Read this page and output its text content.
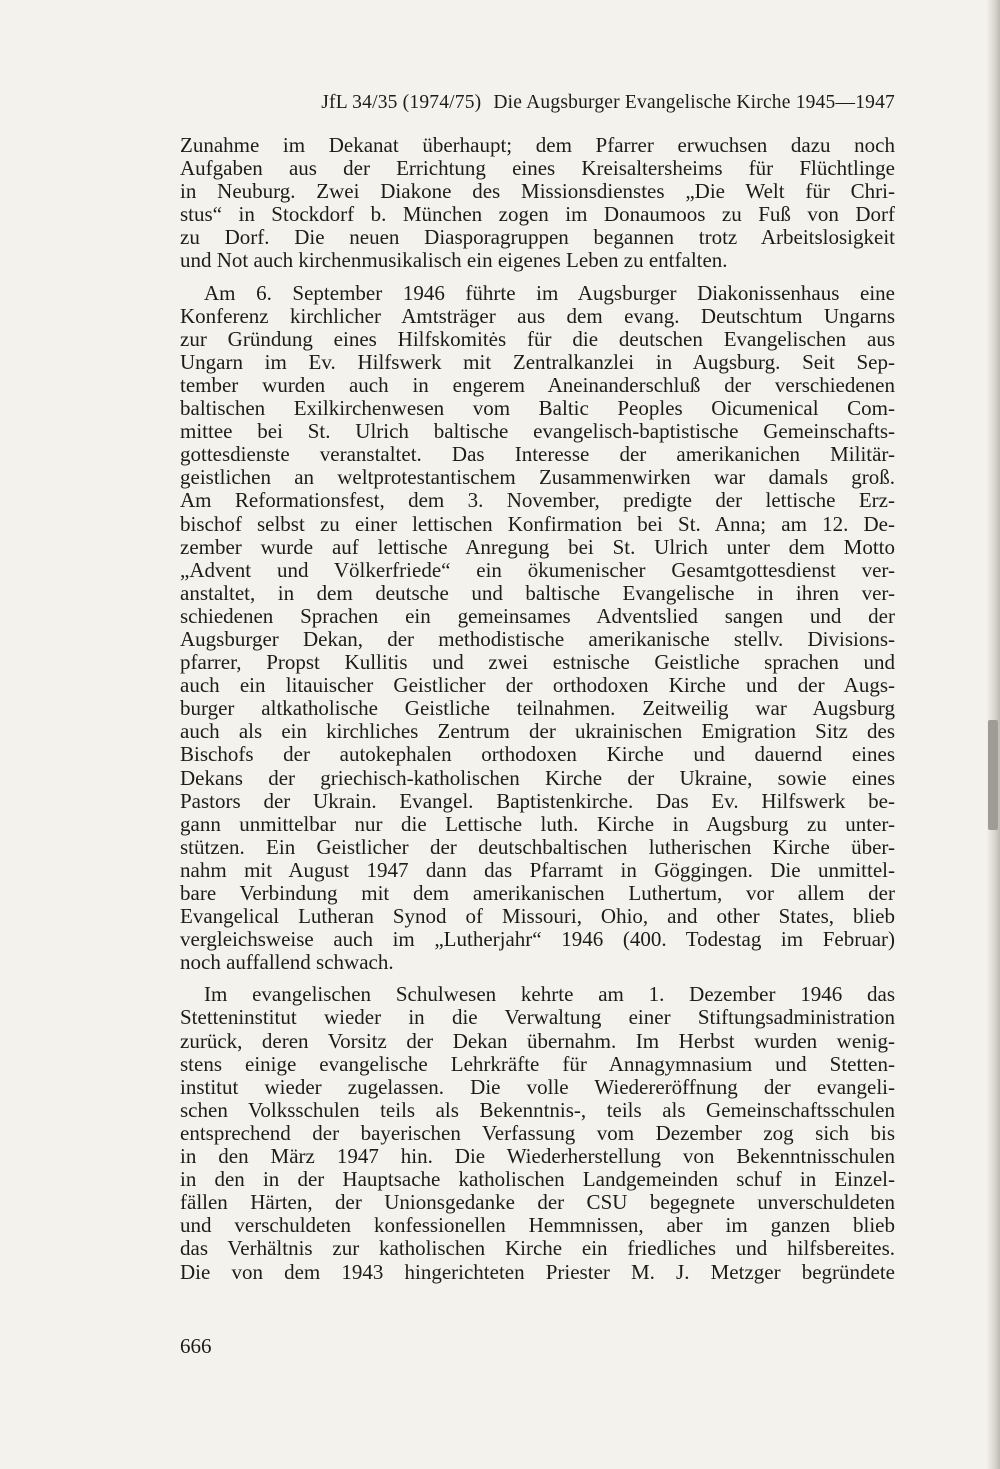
JfL 34/35 (1974/75) Die Augsburger Evangelische Kirche 1945—1947
Zunahme im Dekanat überhaupt; dem Pfarrer erwuchsen dazu noch
Aufgaben aus der Errichtung eines Kreisaltersheims für Flüchtlinge
in Neuburg. Zwei Diakone des Missionsdienstes „Die Welt für Chri-
stus“ in Stockdorf b. München zogen im Donaumoos zu Fuß von Dorf
zu Dorf. Die neuen Diasporagruppen begannen trotz Arbeitslosigkeit
und Not auch kirchenmusikalisch ein eigenes Leben zu entfalten.
Am 6. September 1946 führte im Augsburger Diakonissenhaus eine
Konferenz kirchlicher Amtsträger aus dem evang. Deutschtum Ungarns
zur Gründung eines Hilfskomitės für die deutschen Evangelischen aus
Ungarn im Ev. Hilfswerk mit Zentralkanzlei in Augsburg. Seit Sep-
tember wurden auch in engerem Aneinanderschluß der verschiedenen
baltischen Exilkirchenwesen vom Baltic Peoples Oicumenical Com-
mittee bei St. Ulrich baltische evangelisch-baptistische Gemeinschafts-
gottesdienste veranstaltet. Das Interesse der amerikanichen Militär-
geistlichen an weltprotestantischem Zusammenwirken war damals groß.
Am Reformationsfest, dem 3. November, predigte der lettische Erz-
bischof selbst zu einer lettischen Konfirmation bei St. Anna; am 12. De-
zember wurde auf lettische Anregung bei St. Ulrich unter dem Motto
„Advent und Völkerfriede“ ein ökumenischer Gesamtgottesdienst ver-
anstaltet, in dem deutsche und baltische Evangelische in ihren ver-
schiedenen Sprachen ein gemeinsames Adventslied sangen und der
Augsburger Dekan, der methodistische amerikanische stellv. Divisions-
pfarrer, Propst Kullitis und zwei estnische Geistliche sprachen und
auch ein litauischer Geistlicher der orthodoxen Kirche und der Augs-
burger altkatholische Geistliche teilnahmen. Zeitweilig war Augsburg
auch als ein kirchliches Zentrum der ukrainischen Emigration Sitz des
Bischofs der autokephalen orthodoxen Kirche und dauernd eines
Dekans der griechisch-katholischen Kirche der Ukraine, sowie eines
Pastors der Ukrain. Evangel. Baptistenkirche. Das Ev. Hilfswerk be-
gann unmittelbar nur die Lettische luth. Kirche in Augsburg zu unter-
stützen. Ein Geistlicher der deutschbaltischen lutherischen Kirche über-
nahm mit August 1947 dann das Pfarramt in Göggingen. Die unmittel-
bare Verbindung mit dem amerikanischen Luthertum, vor allem der
Evangelical Lutheran Synod of Missouri, Ohio, and other States, blieb
vergleichsweise auch im „Lutherjahr“ 1946 (400. Todestag im Februar)
noch auffallend schwach.
Im evangelischen Schulwesen kehrte am 1. Dezember 1946 das
Stetteninstitut wieder in die Verwaltung einer Stiftungsadministration
zurück, deren Vorsitz der Dekan übernahm. Im Herbst wurden wenig-
stens einige evangelische Lehrkräfte für Annagymnasium und Stetten-
institut wieder zugelassen. Die volle Wiedereröffnung der evangeli-
schen Volksschulen teils als Bekenntnis-, teils als Gemeinschaftsschulen
entsprechend der bayerischen Verfassung vom Dezember zog sich bis
in den März 1947 hin. Die Wiederherstellung von Bekenntnisschulen
in den in der Hauptsache katholischen Landgemeinden schuf in Einzel-
fällen Härten, der Unionsgedanke der CSU begegnete unverschuldeten
und verschuldeten konfessionellen Hemmnissen, aber im ganzen blieb
das Verhältnis zur katholischen Kirche ein friedliches und hilfsbereites.
Die von dem 1943 hingerichteten Priester M. J. Metzger begründete
666
